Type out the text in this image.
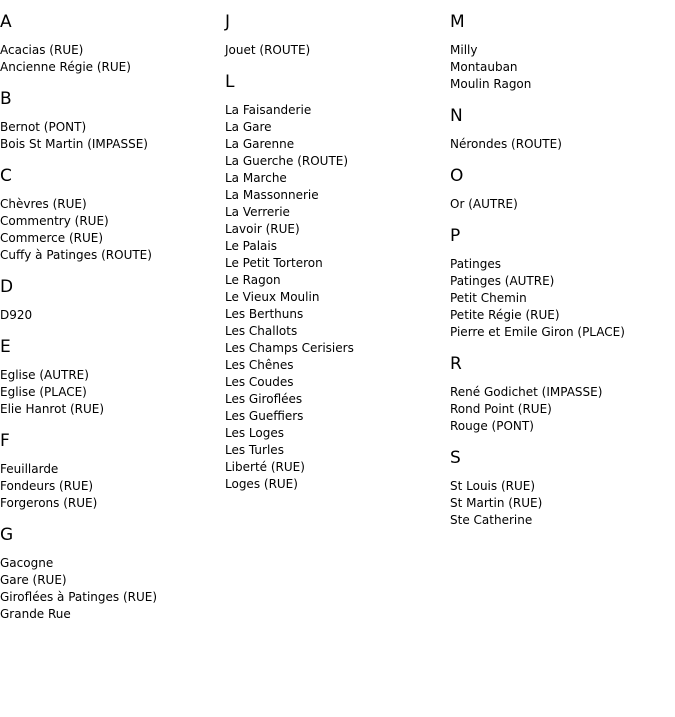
A
Acacias (RUE)
Ancienne Régie (RUE)
B
Bernot (PONT)
Bois St Martin (IMPASSE)
C
Chèvres (RUE)
Commentry (RUE)
Commerce (RUE)
Cuffy à Patinges (ROUTE)
D
D920
E
Eglise (AUTRE)
Eglise (PLACE)
Elie Hanrot (RUE)
F
Feuillarde
Fondeurs (RUE)
Forgerons (RUE)
G
Gacogne
Gare (RUE)
Giroflées à Patinges (RUE)
Grande Rue
J
Jouet (ROUTE)
L
La Faisanderie
La Gare
La Garenne
La Guerche (ROUTE)
La Marche
La Massonnerie
La Verrerie
Lavoir (RUE)
Le Palais
Le Petit Torteron
Le Ragon
Le Vieux Moulin
Les Berthuns
Les Challots
Les Champs Cerisiers
Les Chênes
Les Coudes
Les Giroflées
Les Gueffiers
Les Loges
Les Turles
Liberté (RUE)
Loges (RUE)
M
Milly
Montauban
Moulin Ragon
N
Nérondes (ROUTE)
O
Or (AUTRE)
P
Patinges
Patinges (AUTRE)
Petit Chemin
Petite Régie (RUE)
Pierre et Emile Giron (PLACE)
R
René Godichet (IMPASSE)
Rond Point (RUE)
Rouge (PONT)
S
St Louis (RUE)
St Martin (RUE)
Ste Catherine
